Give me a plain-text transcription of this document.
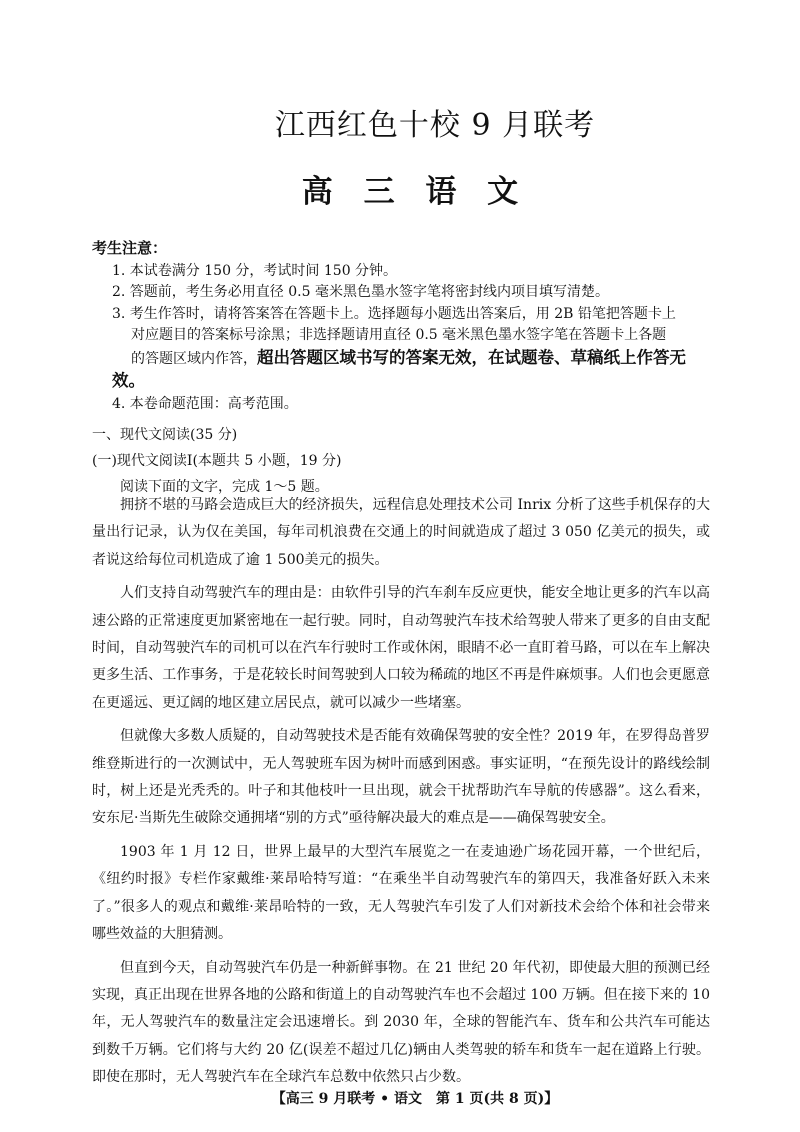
江西红色十校 9 月联考
高 三 语 文
考生注意：

1. 本试卷满分 150 分，考试时间 150 分钟。

2. 答题前，考生务必用直径 0.5 毫米黑色墨水签字笔将密封线内项目填写清楚。

3. 考生作答时，请将答案答在答题卡上。选择题每小题选出答案后，用 2B 铅笔把答题卡上
对应题目的答案标号涂黑；非选择题请用直径 0.5 毫米黑色墨水签字笔在答题卡上各题
的答题区域内作答，超出答题区域书写的答案无效，在试题卷、草稿纸上作答无效。

4. 本卷命题范围：高考范围。

一、现代文阅读(35 分)
(一)现代文阅读Ⅰ(本题共 5 小题，19 分)
阅读下面的文字，完成 1～5 题。

拥挤不堪的马路会造成巨大的经济损失，远程信息处理技术公司 Inrix 分析了这些手机保存的大量出行记录，认为仅在美国，每年司机浪费在交通上的时间就造成了超过 3 050 亿美元的损失，或者说这给每位司机造成了逾 1 500美元的损失。

人们支持自动驾驶汽车的理由是：由软件引导的汽车刹车反应更快，能安全地让更多的汽车以高速公路的正常速度更加紧密地在一起行驶。同时，自动驾驶汽车技术给驾驶人带来了更多的自由支配时间，自动驾驶汽车的司机可以在汽车行驶时工作或休闲，眼睛不必一直盯着马路，可以在车上解决更多生活、工作事务，于是花较长时间驾驶到人口较为稀疏的地区不再是件麻烦事。人们也会更愿意在更遥远、更辽阔的地区建立居民点，就可以减少一些堵塞。

但就像大多数人质疑的，自动驾驶技术是否能有效确保驾驶的安全性？2019 年，在罗得岛普罗维登斯进行的一次测试中，无人驾驶班车因为树叶而感到困惑。事实证明，“在预先设计的路线绘制时，树上还是光秃秃的。叶子和其他枝叶一旦出现，就会干扰帮助汽车导航的传感器”。这么看来，安东尼·当斯先生破除交通拥堵“别的方式”亟待解决最大的难点是——确保驾驶安全。

1903 年 1 月 12 日，世界上最早的大型汽车展览之一在麦迪逊广场花园开幕，一个世纪后，《纽约时报》专栏作家戴维·莱昂哈特写道：“在乘坐半自动驾驶汽车的第四天，我准备好跃入未来了。”很多人的观点和戴维·莱昂哈特的一致，无人驾驶汽车引发了人们对新技术会给个体和社会带来哪些效益的大胆猜测。

但直到今天，自动驾驶汽车仍是一种新鲜事物。在 21 世纪 20 年代初，即使最大胆的预测已经实现，真正出现在世界各地的公路和街道上的自动驾驶汽车也不会超过 100 万辆。但在接下来的 10 年，无人驾驶汽车的数量注定会迅速增长。到 2030 年，全球的智能汽车、货车和公共汽车可能达到数千万辆。它们将与大约 20 亿(误差不超过几亿)辆由人类驾驶的轿车和货车一起在道路上行驶。即使在那时，无人驾驶汽车在全球汽车总数中依然只占少数。

【高三 9 月联考 • 语文　第 1 页(共 8 页)】
